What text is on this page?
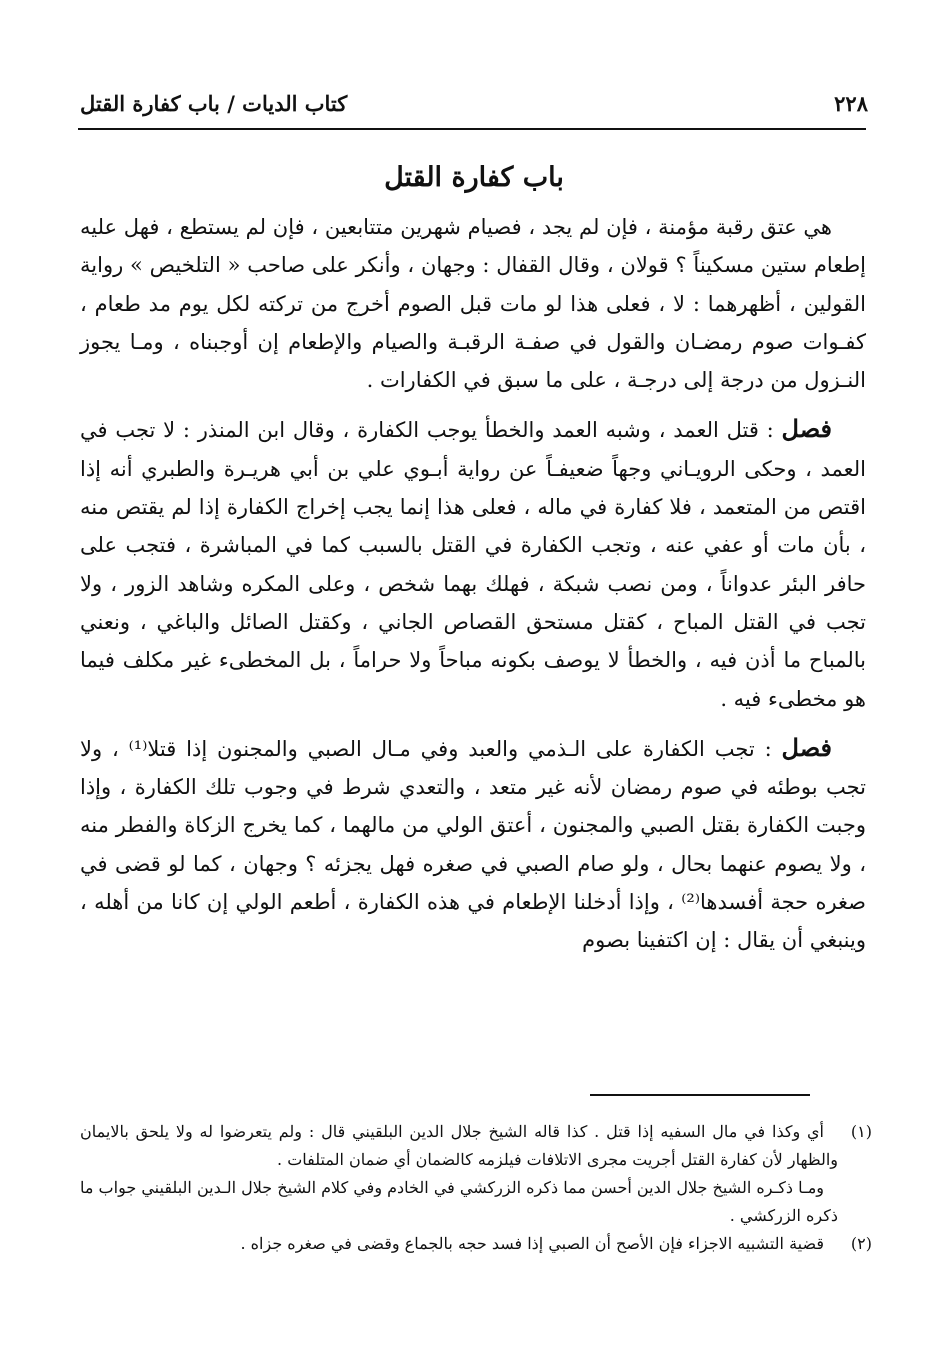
٢٢٨
كتاب الديات / باب كفارة القتل
باب كفارة القتل

هي عتق رقبة مؤمنة ، فإن لم يجد ، فصيام شهرين متتابعين ، فإن لم يستطع ، فهل عليه إطعام ستين مسكيناً ؟ قولان ، وقال القفال : وجهان ، وأنكر على صاحب « التلخيص » رواية القولين ، أظهرهما : لا ، فعلى هذا لو مات قبل الصوم أخرج من تركته لكل يوم مد طعام ، كفـوات صوم رمضـان والقول في صفـة الرقبـة والصيام والإطعام إن أوجبناه ، ومـا يجوز النـزول من درجة إلى درجـة ، على ما سبق في الكفارات .

فصل : قتل العمد ، وشبه العمد والخطأ يوجب الكفارة ، وقال ابن المنذر : لا تجب في العمد ، وحكى الرويـاني وجهاً ضعيفـاً عن رواية أبـوي علي بن أبي هريـرة والطبري أنه إذا اقتص من المتعمد ، فلا كفارة في ماله ، فعلى هذا إنما يجب إخراج الكفارة إذا لم يقتص منه ، بأن مات أو عفي عنه ، وتجب الكفارة في القتل بالسبب كما في المباشرة ، فتجب على حافر البئر عدواناً ، ومن نصب شبكة ، فهلك بهما شخص ، وعلى المكره وشاهد الزور ، ولا تجب في القتل المباح ، كقتل مستحق القصاص الجاني ، وكقتل الصائل والباغي ، ونعني بالمباح ما أذن فيه ، والخطأ لا يوصف بكونه مباحاً ولا حراماً ، بل المخطىء غير مكلف فيما هو مخطىء فيه .

فصل : تجب الكفارة على الـذمي والعبد وفي مـال الصبي والمجنون إذا قتلا⁽¹⁾ ، ولا تجب بوطئه في صوم رمضان لأنه غير متعد ، والتعدي شرط في وجوب تلك الكفارة ، وإذا وجبت الكفارة بقتل الصبي والمجنون ، أعتق الولي من مالهما ، كما يخرج الزكاة والفطر منه ، ولا يصوم عنهما بحال ، ولو صام الصبي في صغره فهل يجزئه ؟ وجهان ، كما لو قضى في صغره حجة أفسدها⁽²⁾ ، وإذا أدخلنا الإطعام في هذه الكفارة ، أطعم الولي إن كانا من أهله ، وينبغي أن يقال : إن اكتفينا بصوم

(١)

أي وكذا في مال السفيه إذا قتل . كذا قاله الشيخ جلال الدين البلقيني قال : ولم يتعرضوا له ولا يلحق بالايمان والظهار لأن كفارة القتل أجريت مجرى الاتلافات فيلزمه كالضمان أي ضمان المتلفات .

ومـا ذكـره الشيخ جلال الدين أحسن مما ذكره الزركشي في الخادم وفي كلام الشيخ جلال الـدين البلقيني جواب ما ذكره الزركشي .

(٢)

قضية التشبيه الاجزاء فإن الأصح أن الصبي إذا فسد حجه بالجماع وقضى في صغره جزاه .
